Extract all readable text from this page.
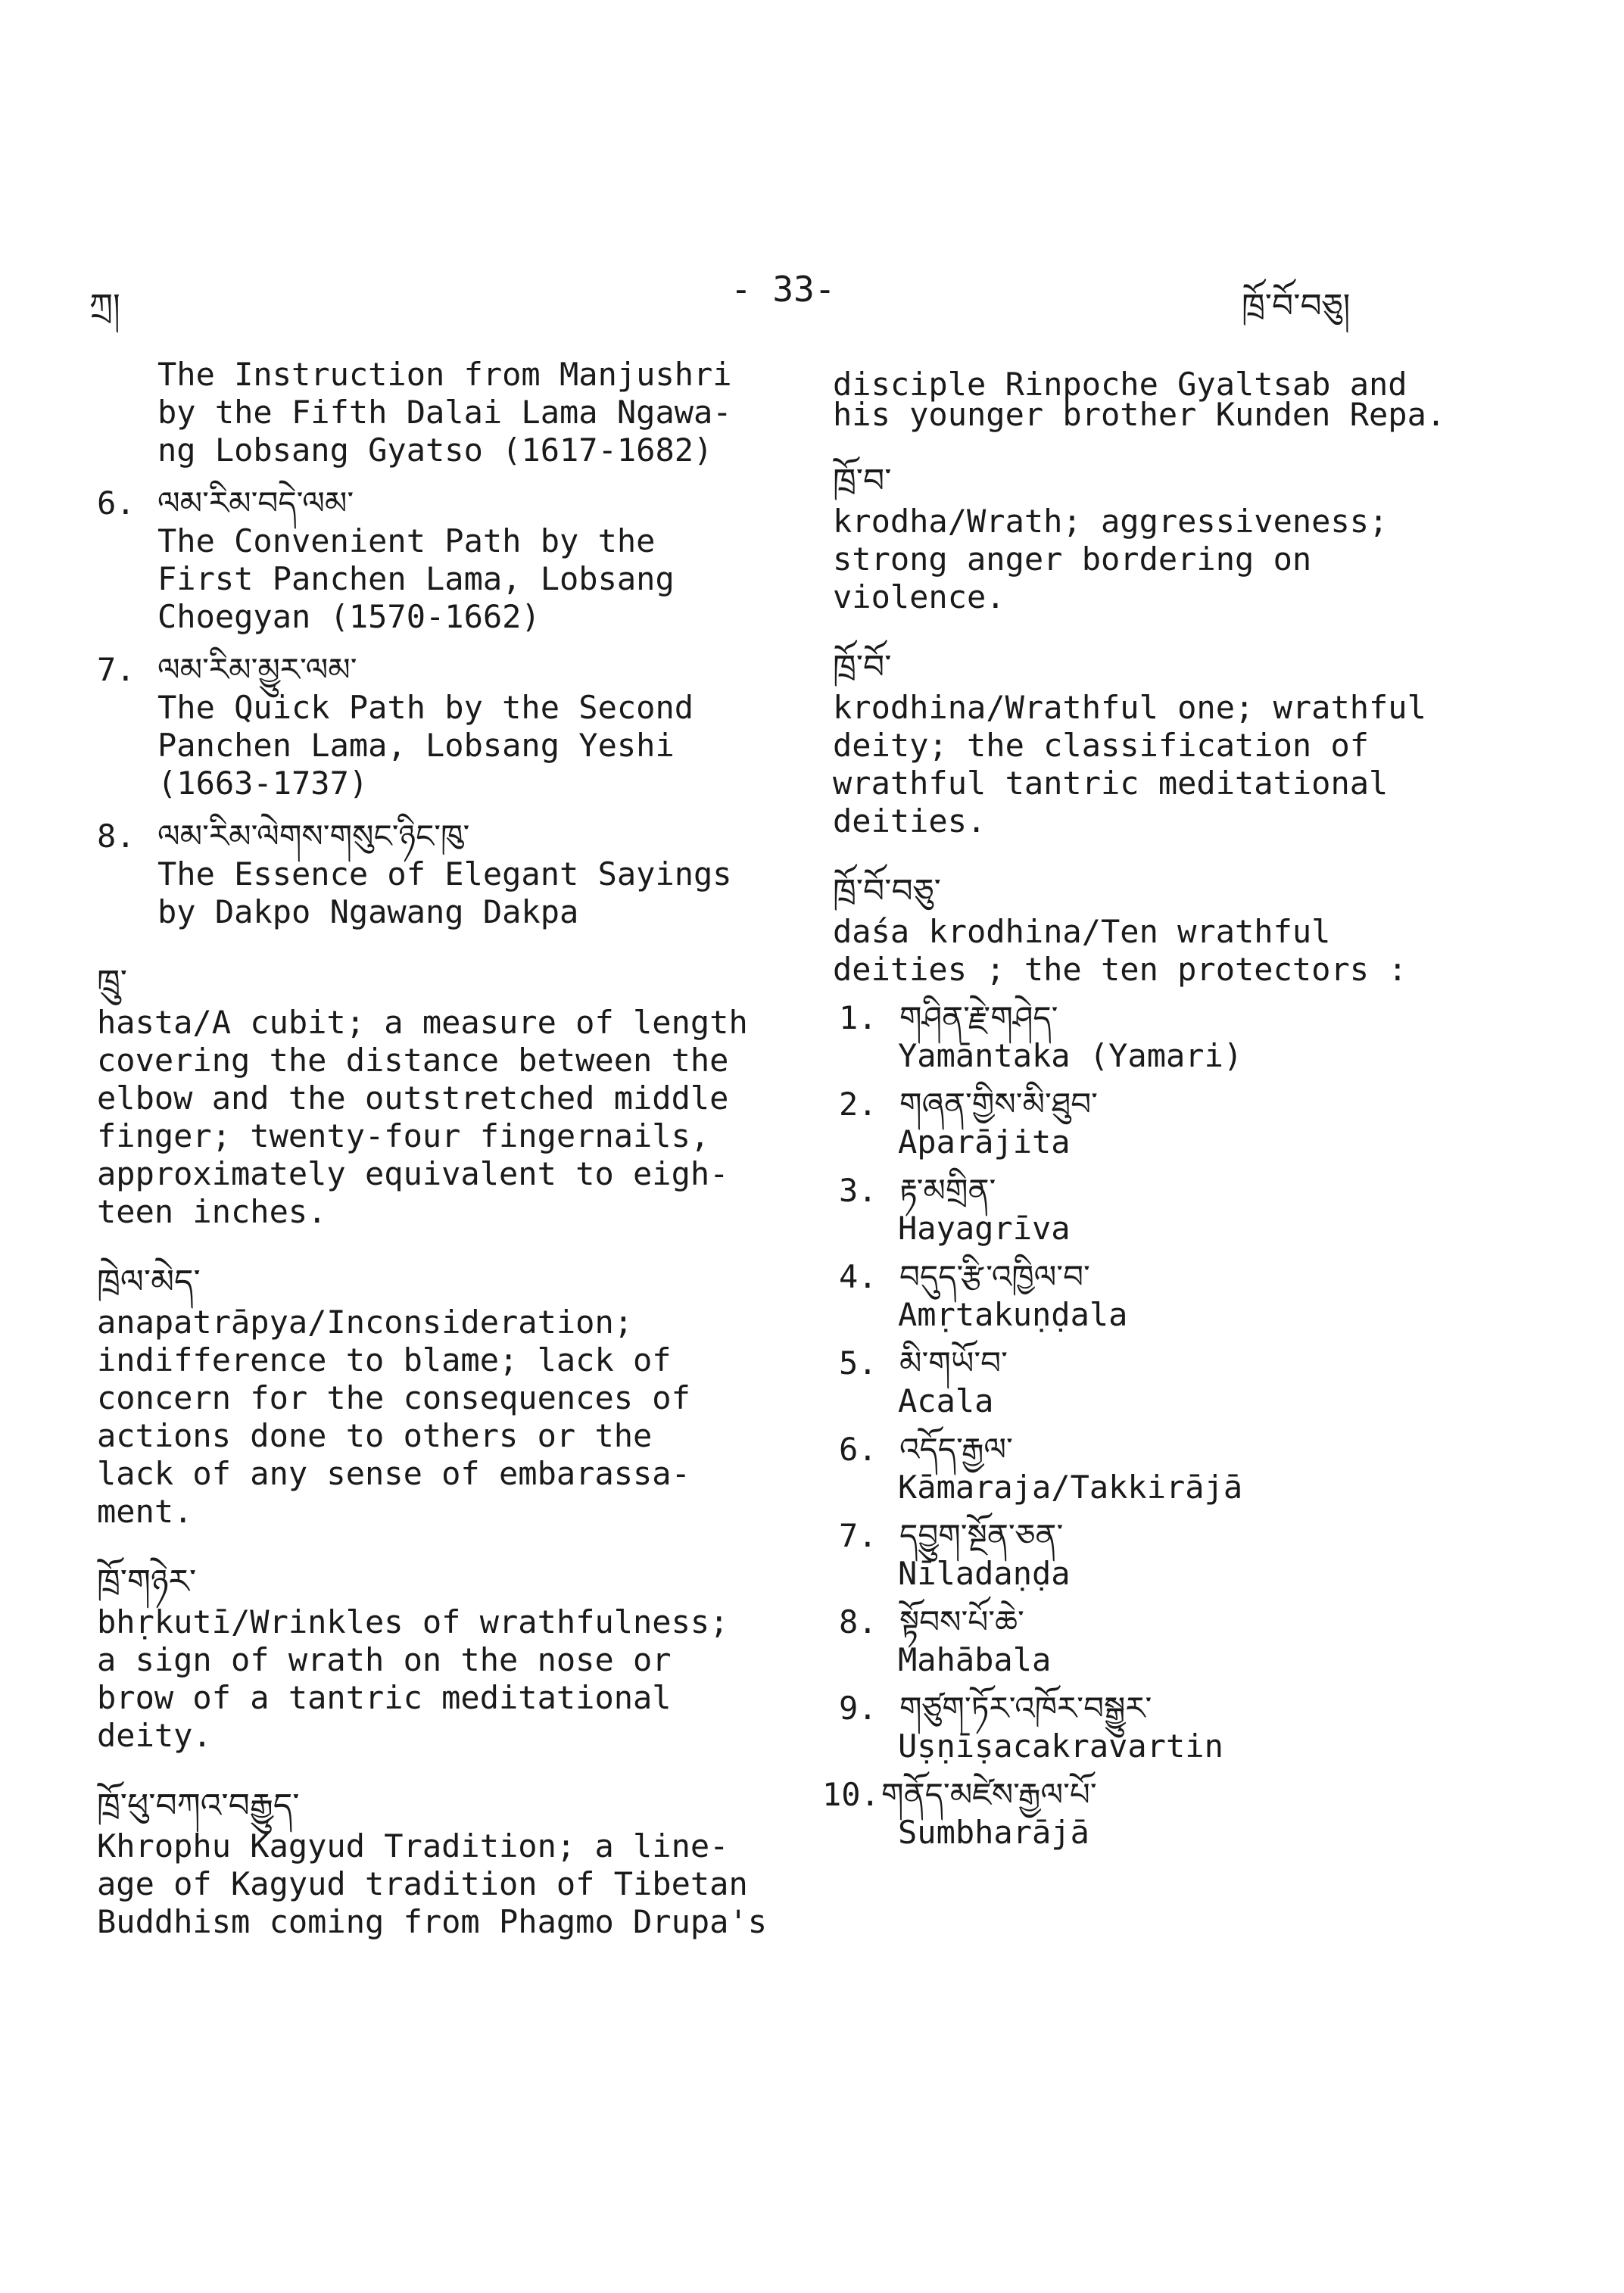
ཀྲ།	- 33-	ཁྲོ་བོ་བཅུ།

The Instruction from Manjushri

by the Fifth Dalai Lama Ngawa-

ng Lobsang Gyatso (1617-1682)

6. ལམ་རིམ་བདེ་ལམ་

The Convenient Path by the

First Panchen Lama, Lobsang

Choegyan (1570-1662)

7. ལམ་རིམ་མྱུར་ལམ་

The Quick Path by the Second

Panchen Lama, Lobsang Yeshi

(1663-1737)

8. ལམ་རིམ་ལེགས་གསུང་ཉིང་ཁུ་

The Essence of Elegant Sayings

by Dakpo Ngawang Dakpa

ཁྲུ་

hasta/A cubit; a measure of length

covering the distance between the

elbow and the outstretched middle

finger; twenty-four fingernails,

approximately equivalent to eigh-

teen inches.

ཁྲེལ་མེད་

anapatrāpya/Inconsideration;

indifference to blame; lack of

concern for the consequences of

actions done to others or the

lack of any sense of embarassa-

ment.

ཁྲོ་གཉེར་

bhṛkutī/Wrinkles of wrathfulness;

a sign of wrath on the nose or

brow of a tantric meditational

deity.

ཁྲོ་ཕུ་བཀའ་བརྒྱུད་

Khrophu Kagyud Tradition; a line-

age of Kagyud tradition of Tibetan

Buddhism coming from Phagmo Drupa's

disciple Rinpoche Gyaltsab and

his younger brother Kunden Repa.

ཁྲོ་བ་

krodha/Wrath; aggressiveness;

strong anger bordering on

violence.

ཁྲོ་བོ་

krodhina/Wrathful one; wrathful

deity; the classification of

wrathful tantric meditational

deities.

ཁྲོ་བོ་བཅུ་

daśa krodhina/Ten wrathful

deities ; the ten protectors :

1. གཤིན་རྗེ་གཤེད་

Yamāntaka (Yamari)

2. གཞན་གྱིས་མི་ཐུབ་

Aparājita

3. རྟ་མགྲིན་

Hayagrīva

4. བདུད་རྩི་འཁྱིལ་བ་

Amṛtakuṇḍala

5. མི་གཡོ་བ་

Acala

6. འདོད་རྒྱལ་

Kāmaraja/Takkirājā

7. དབྱུག་སྔོན་ཅན་

Nīladaṇḍa

8. སྟོབས་པོ་ཆེ་

Mahābala

9. གཙུག་ཏོར་འཁོར་བསྒྱུར་

Uṣṇīṣacakravartin

10.གནོད་མཛེས་རྒྱལ་པོ་

Sumbharājā
